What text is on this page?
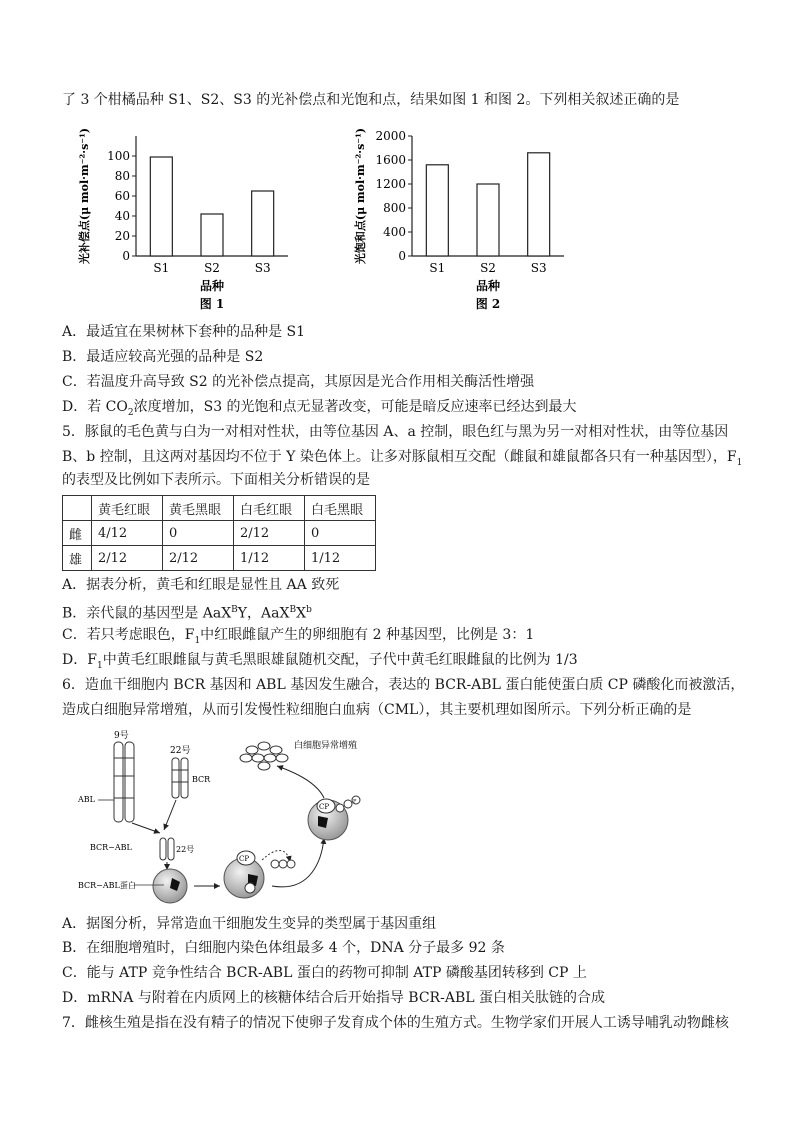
了 3 个柑橘品种 S1、S2、S3 的光补偿点和光饱和点，结果如图 1 和图 2。下列相关叙述正确的是
光补偿点(μ mol·m⁻²·s⁻¹)	0
20
40
60
80
100
S1	S2	S3
品种
图 1
光饱和点(μ mol·m⁻²·s⁻¹)	0
400
800
1200
1600
2000
S1	S2	S3
品种
图 2
A．最适宜在果树林下套种的品种是 S1
B．最适应较高光强的品种是 S2
C．若温度升高导致 S2 的光补偿点提高，其原因是光合作用相关酶活性增强
D．若 $CO_2$浓度增加，S3 的光饱和点无显著改变，可能是暗反应速率已经达到最大
5．豚鼠的毛色黄与白为一对相对性状，由等位基因 A、a 控制，眼色红与黑为另一对相对性状，由等位基因
B、b 控制，且这两对基因均不位于 Y 染色体上。让多对豚鼠相互交配（雌鼠和雄鼠都各只有一种基因型），$F_1$
的表型及比例如下表所示。下面相关分析错误的是
	黄毛红眼	黄毛黑眼	白毛红眼	白毛黑眼
雌	4/12	0	2/12	0
雄	2/12	2/12	1/12	1/12
A．据表分析，黄毛和红眼是显性且 AA 致死
B．亲代鼠的基因型是 AaX$^B$Y，$AaX^BX^b$
C．若只考虑眼色，$F_1$中红眼雌鼠产生的卵细胞有 2 种基因型，比例是 3：1
D．$F_1$中黄毛红眼雌鼠与黄毛黑眼雄鼠随机交配，子代中黄毛红眼雌鼠的比例为 1/3
6．造血干细胞内 BCR 基因和 ABL 基因发生融合，表达的 BCR-ABL 蛋白能使蛋白质 CP 磷酸化而被激活，
造成白细胞异常增殖，从而引发慢性粒细胞白血病（CML），其主要机理如图所示。下列分析正确的是
9号
22号
BCR
ABL
22号
BCR−ABL
BCR−ABL蛋白
CP
CP
P
白细胞异常增殖
A．据图分析，异常造血干细胞发生变异的类型属于基因重组
B．在细胞增殖时，白细胞内染色体组最多 4 个，DNA 分子最多 92 条
C．能与 ATP 竞争性结合 BCR-ABL 蛋白的药物可抑制 ATP 磷酸基团转移到 CP 上
D．mRNA 与附着在内质网上的核糖体结合后开始指导 BCR-ABL 蛋白相关肽链的合成
7．雌核生殖是指在没有精子的情况下使卵子发育成个体的生殖方式。生物学家们开展人工诱导哺乳动物雌核
